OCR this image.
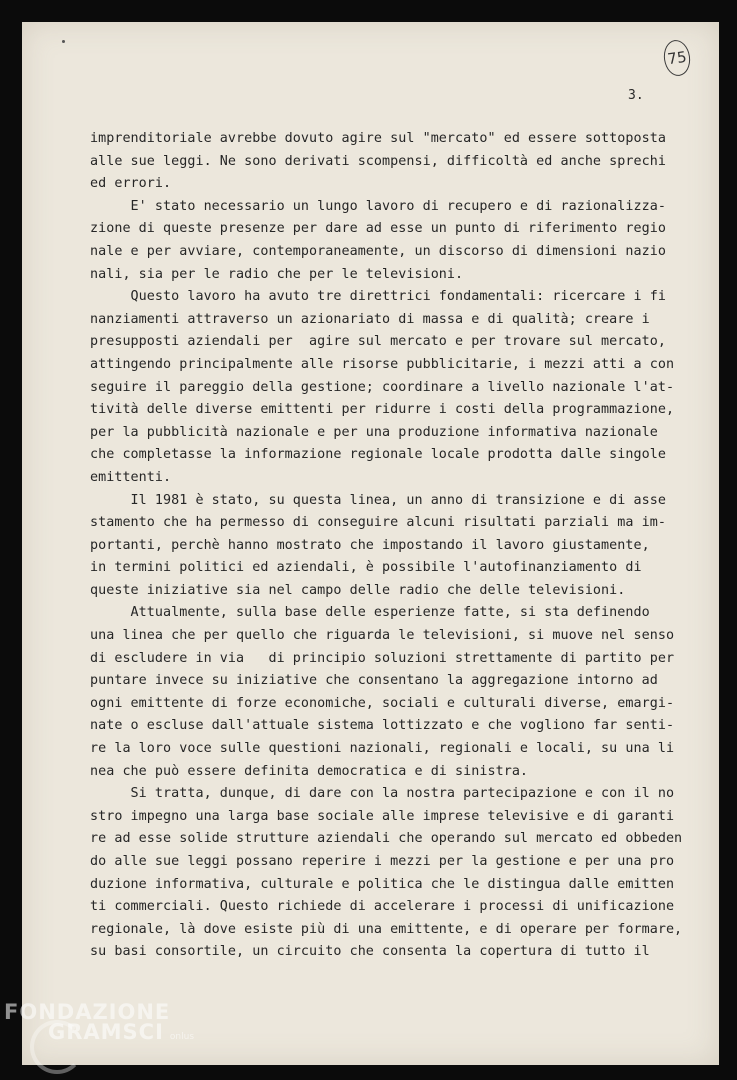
75
3.
imprenditoriale avrebbe dovuto agire sul "mercato" ed essere sottoposta
alle sue leggi. Ne sono derivati scompensi, difficoltà ed anche sprechi
ed errori.
E' stato necessario un lungo lavoro di recupero e di razionalizza-
zione di queste presenze per dare ad esse un punto di riferimento regio
nale e per avviare, contemporaneamente, un discorso di dimensioni nazio
nali, sia per le radio che per le televisioni.
Questo lavoro ha avuto tre direttrici fondamentali: ricercare i fi
nanziamenti attraverso un azionariato di massa e di qualità; creare i
presupposti aziendali per  agire sul mercato e per trovare sul mercato,
attingendo principalmente alle risorse pubblicitarie, i mezzi atti a con
seguire il pareggio della gestione; coordinare a livello nazionale l'at-
tività delle diverse emittenti per ridurre i costi della programmazione,
per la pubblicità nazionale e per una produzione informativa nazionale
che completasse la informazione regionale locale prodotta dalle singole
emittenti.
Il 1981 è stato, su questa linea, un anno di transizione e di asse
stamento che ha permesso di conseguire alcuni risultati parziali ma im-
portanti, perchè hanno mostrato che impostando il lavoro giustamente,
in termini politici ed aziendali, è possibile l'autofinanziamento di
queste iniziative sia nel campo delle radio che delle televisioni.
Attualmente, sulla base delle esperienze fatte, si sta definendo
una linea che per quello che riguarda le televisioni, si muove nel senso
di escludere in via   di principio soluzioni strettamente di partito per
puntare invece su iniziative che consentano la aggregazione intorno ad
ogni emittente di forze economiche, sociali e culturali diverse, emargi-
nate o escluse dall'attuale sistema lottizzato e che vogliono far senti-
re la loro voce sulle questioni nazionali, regionali e locali, su una li
nea che può essere definita democratica e di sinistra.
Si tratta, dunque, di dare con la nostra partecipazione e con il no
stro impegno una larga base sociale alle imprese televisive e di garanti
re ad esse solide strutture aziendali che operando sul mercato ed obbeden
do alle sue leggi possano reperire i mezzi per la gestione e per una pro
duzione informativa, culturale e politica che le distingua dalle emitten
ti commerciali. Questo richiede di accelerare i processi di unificazione
regionale, là dove esiste più di una emittente, e di operare per formare,
su basi consortile, un circuito che consenta la copertura di tutto il
FONDAZIONE
GRAMSCI onlus
